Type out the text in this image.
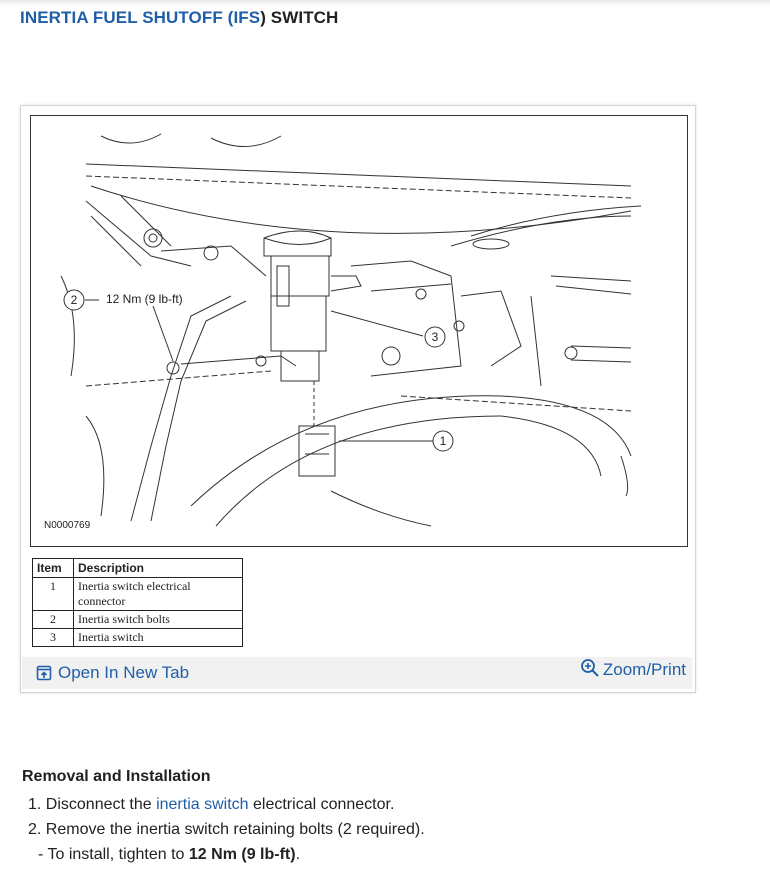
INERTIA FUEL SHUTOFF (IFS) SWITCH
2
3
1
12 Nm (9 lb-ft)
N0000769
Item	Description
1	Inertia switch electrical connector
2	Inertia switch bolts
3	Inertia switch
Open In New Tab	Zoom/Print
Removal and Installation
1. Disconnect the inertia switch electrical connector.
2. Remove the inertia switch retaining bolts (2 required).
- To install, tighten to 12 Nm (9 lb-ft).
